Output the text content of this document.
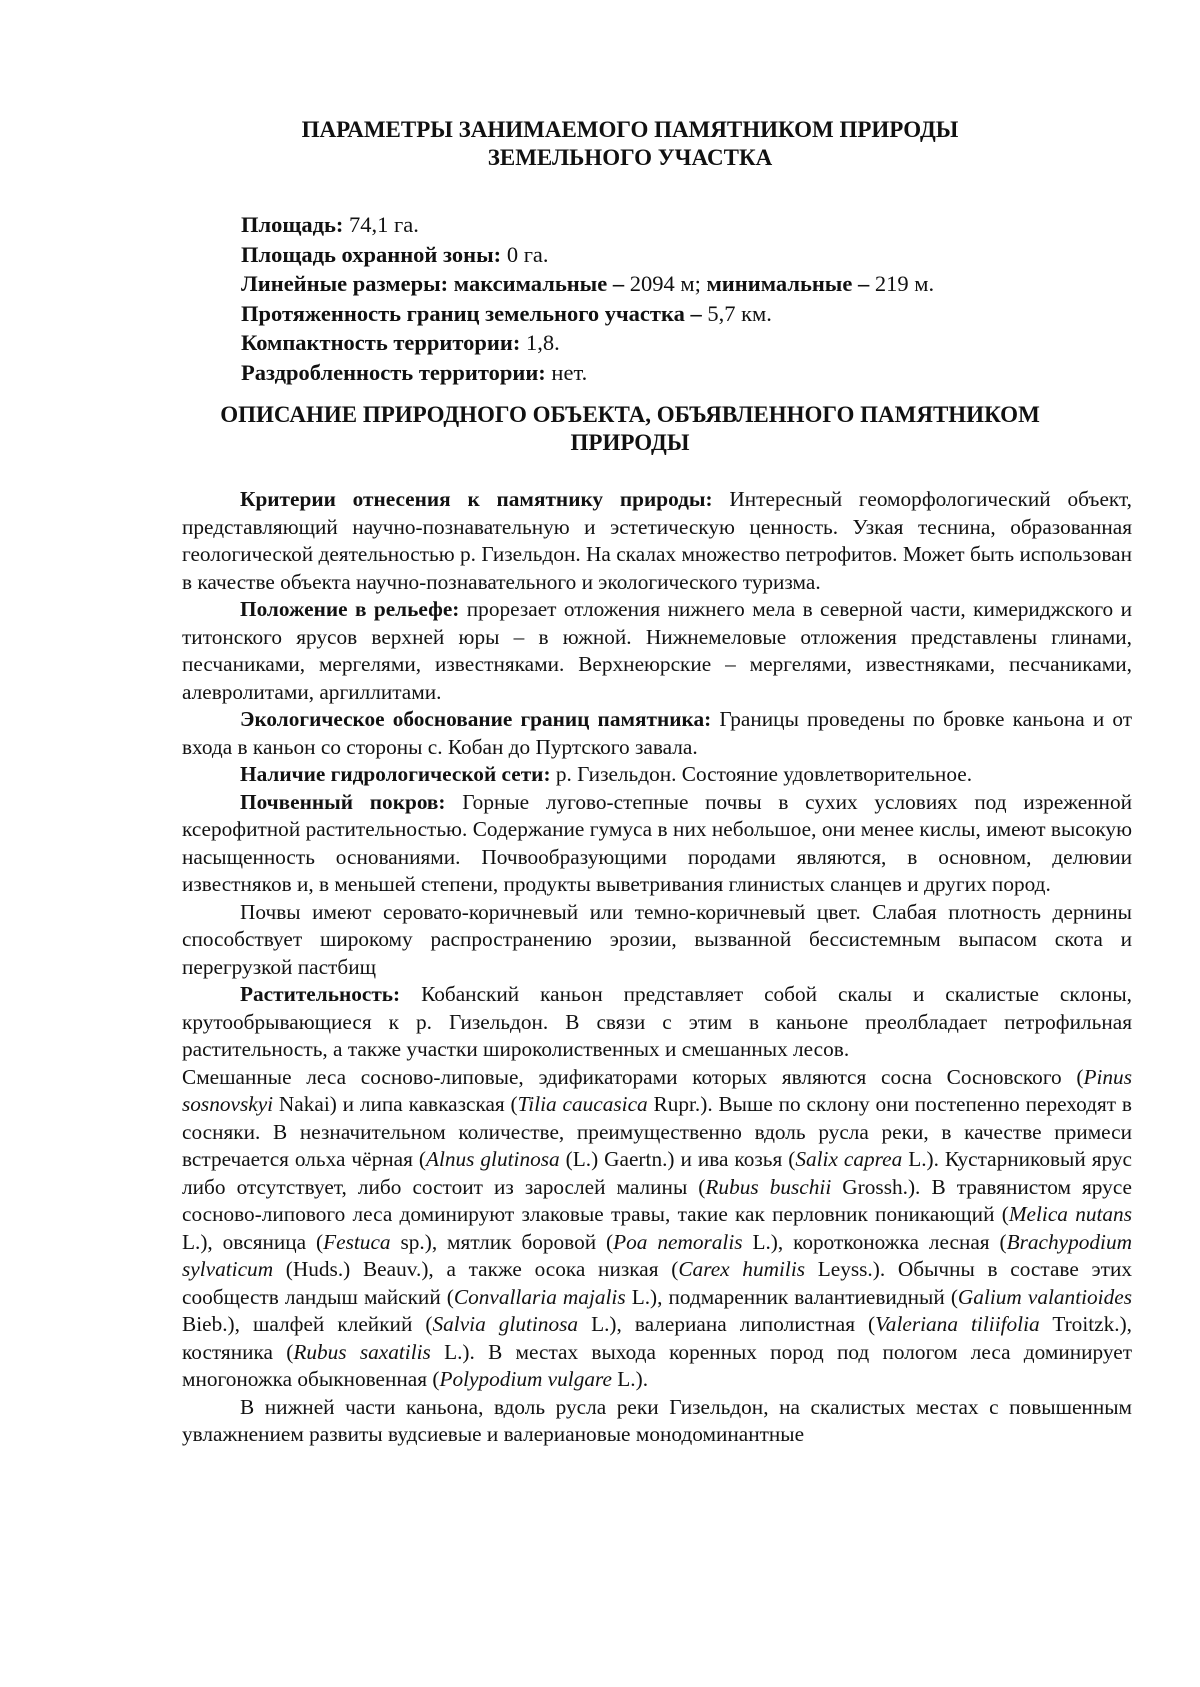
ПАРАМЕТРЫ ЗАНИМАЕМОГО ПАМЯТНИКОМ ПРИРОДЫ
ЗЕМЕЛЬНОГО УЧАСТКА

Площадь: 74,1 га.

Площадь охранной зоны: 0 га.

Линейные размеры: максимальные – 2094 м; минимальные – 219 м.

Протяженность границ земельного участка – 5,7 км.

Компактность территории: 1,8.

Раздробленность территории: нет.

ОПИСАНИЕ ПРИРОДНОГО ОБЪЕКТА, ОБЪЯВЛЕННОГО ПАМЯТНИКОМ
ПРИРОДЫ

Критерии отнесения к памятнику природы: Интересный геоморфологический объект, представляющий научно-познавательную и эстетическую ценность. Узкая теснина, образованная геологической деятельностью р. Гизельдон. На скалах множество петрофитов. Может быть использован в качестве объекта научно-познавательного и экологического туризма.

Положение в рельефе: прорезает отложения нижнего мела в северной части, кимериджского и титонского ярусов верхней юры – в южной. Нижнемеловые отложения представлены глинами, песчаниками, мергелями, известняками. Верхнеюрские – мергелями, известняками, песчаниками, алевролитами, аргиллитами.

Экологическое обоснование границ памятника: Границы проведены по бровке каньона и от входа в каньон со стороны с. Кобан до Пуртского завала.

Наличие гидрологической сети: р. Гизельдон. Состояние удовлетворительное.

Почвенный покров: Горные лугово-степные почвы в сухих условиях под изреженной ксерофитной растительностью. Содержание гумуса в них небольшое, они менее кислы, имеют высокую насыщенность основаниями. Почвообразующими породами являются, в основном, делювии известняков и, в меньшей степени, продукты выветривания глинистых сланцев и других пород.

Почвы имеют серовато-коричневый или темно-коричневый цвет. Слабая плотность дернины способствует широкому распространению эрозии, вызванной бессистемным выпасом скота и перегрузкой пастбищ

Растительность: Кобанский каньон представляет собой скалы и скалистые склоны, крутообрывающиеся к р. Гизельдон. В связи с этим в каньоне преолбладает петрофильная растительность, а также участки широколиственных и смешанных лесов.

Смешанные леса сосново-липовые, эдификаторами которых являются сосна Сосновского (Pinus sosnovskyi Nakai) и липа кавказская (Tilia caucasica Rupr.). Выше по склону они постепенно переходят в сосняки. В незначительном количестве, преимущественно вдоль русла реки, в качестве примеси встречается ольха чёрная (Alnus glutinosa (L.) Gaertn.) и ива козья (Salix caprea L.). Кустарниковый ярус либо отсутствует, либо состоит из зарослей малины (Rubus buschii Grossh.). В травянистом ярусе сосново-липового леса доминируют злаковые травы, такие как перловник поникающий (Melica nutans L.), овсяница (Festuca sp.), мятлик боровой (Poa nemoralis L.), коротконожка лесная (Brachypodium sylvaticum (Huds.) Beauv.), а также осока низкая (Carex humilis Leyss.). Обычны в составе этих сообществ ландыш майский (Convallaria majalis L.), подмаренник валантиевидный (Galium valantioides Bieb.), шалфей клейкий (Salvia glutinosa L.), валериана липолистная (Valeriana tiliifolia Troitzk.), костяника (Rubus saxatilis L.). В местах выхода коренных пород под пологом леса доминирует многоножка обыкновенная (Polypodium vulgare L.).

В нижней части каньона, вдоль русла реки Гизельдон, на скалистых местах с повышенным увлажнением развиты вудсиевые и валериановые монодоминантные
